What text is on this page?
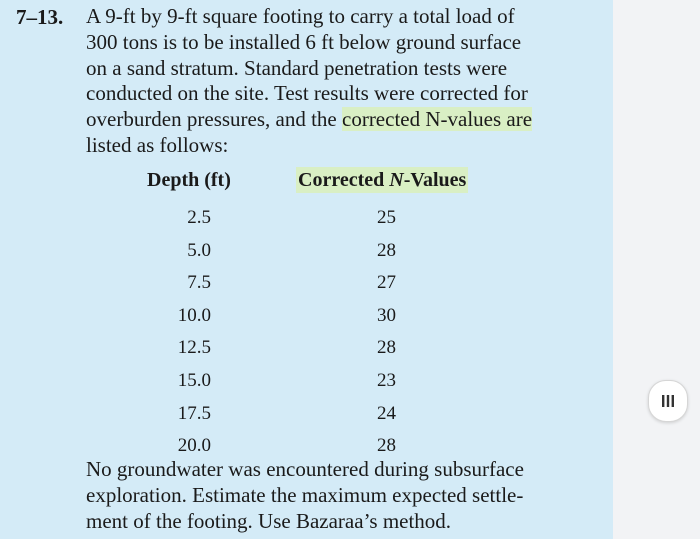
7–13. A 9-ft by 9-ft square footing to carry a total load of
300 tons is to be installed 6 ft below ground surface
on a sand stratum. Standard penetration tests were
conducted on the site. Test results were corrected for
overburden pressures, and the corrected N-values are
listed as follows:
Depth (ft)	Corrected N-Values
No groundwater was encountered during subsurface
exploration. Estimate the maximum expected settle-
ment of the footing. Use Bazaraa’s method.
2.5	25
5.0	28
7.5	27
10.0	30
12.5	28
15.0	23
17.5	24
20.0	28
